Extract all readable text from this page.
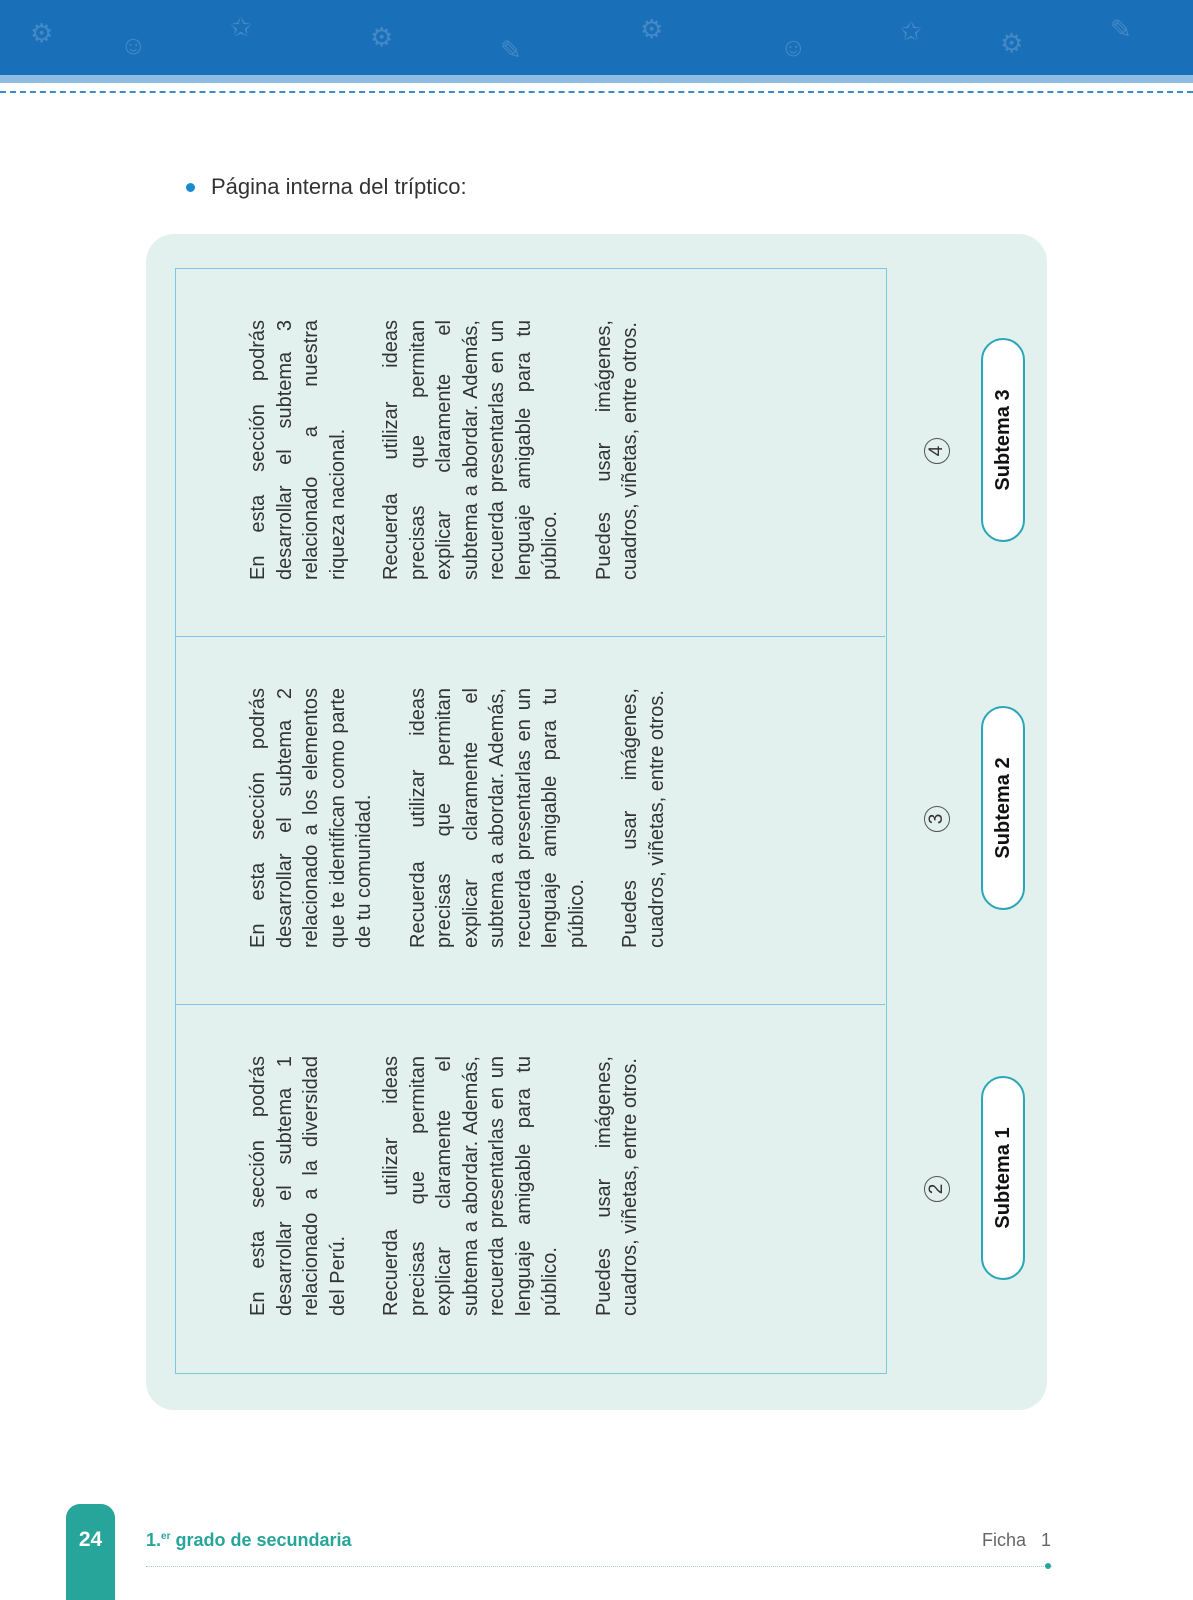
⚙	☺
✩	⚙	✎
⚙
☺
✩	⚙	✎
Página interna del tríptico:

En esta sección podrás desarrollar el subtema 1 relacionado a la diversidad del Perú. Recuerda utilizar ideas precisas que permitan explicar claramente el subtema a abordar. Además, recuerda presentarlas en un lenguaje amigable para tu público. Puedes usar imágenes, cuadros, viñetas, entre otros.	2	Subtema 1

En esta sección podrás desarrollar el subtema 2 relacionado a los elementos que te identifican como parte de tu comunidad. Recuerda utilizar ideas precisas que permitan explicar claramente el subtema a abordar. Además, recuerda presentarlas en un lenguaje amigable para tu público. Puedes usar imágenes, cuadros, viñetas, entre otros.	3	Subtema 2

En esta sección podrás desarrollar el subtema 3 relacionado a nuestra riqueza nacional. Recuerda utilizar ideas precisas que permitan explicar claramente el subtema a abordar. Además, recuerda presentarlas en un lenguaje amigable para tu público. Puedes usar imágenes, cuadros, viñetas, entre otros.	4	Subtema 3
24	1.$^{er}$ grado de secundaria	Ficha   1
